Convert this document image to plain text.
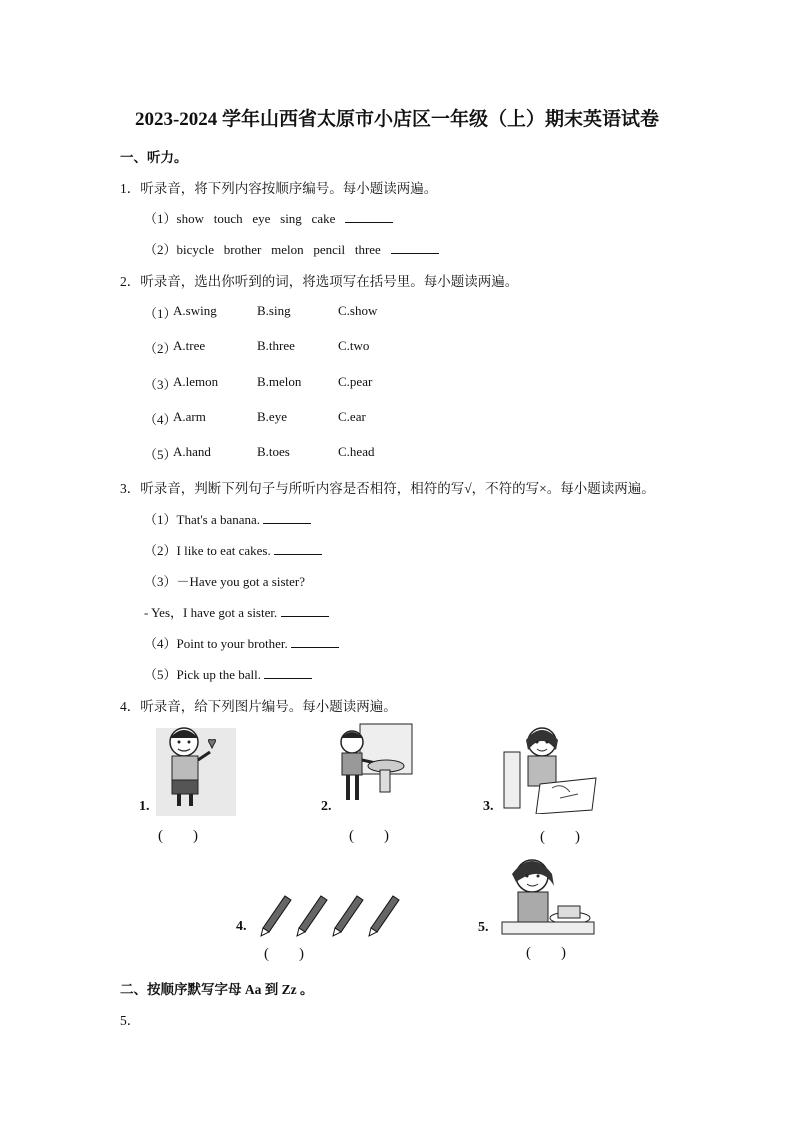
2023-2024 学年山西省太原市小店区一年级（上）期末英语试卷
一、听力。
1．听录音，将下列内容按顺序编号。每小题读两遍。
（1）show   touch   eye   sing   cake
（2）bicycle   brother   melon   pencil   three
2．听录音，选出你听到的词，将选项写在括号里。每小题读两遍。
（1）
A.swing	B.sing	C.show
（2）
A.tree	B.three	C.two
（3）
A.lemon	B.melon	C.pear
（4）
A.arm	B.eye	C.ear
（5）
A.hand	B.toes	C.head
3．听录音，判断下列句子与所听内容是否相符，相符的写√，不符的写×。每小题读两遍。
（1）That's a banana.
（2）I like to eat cakes.
（3）－Have you got a sister?
- Yes，I have got a sister.
（4）Point to your brother.
（5）Pick up the ball.
4．听录音，给下列图片编号。每小题读两遍。
1.
(        )
2.
(        )
3.
(        )
4.
(        )
5.
(        )
二、按顺序默写字母 Aa 到 Zz 。
5．
